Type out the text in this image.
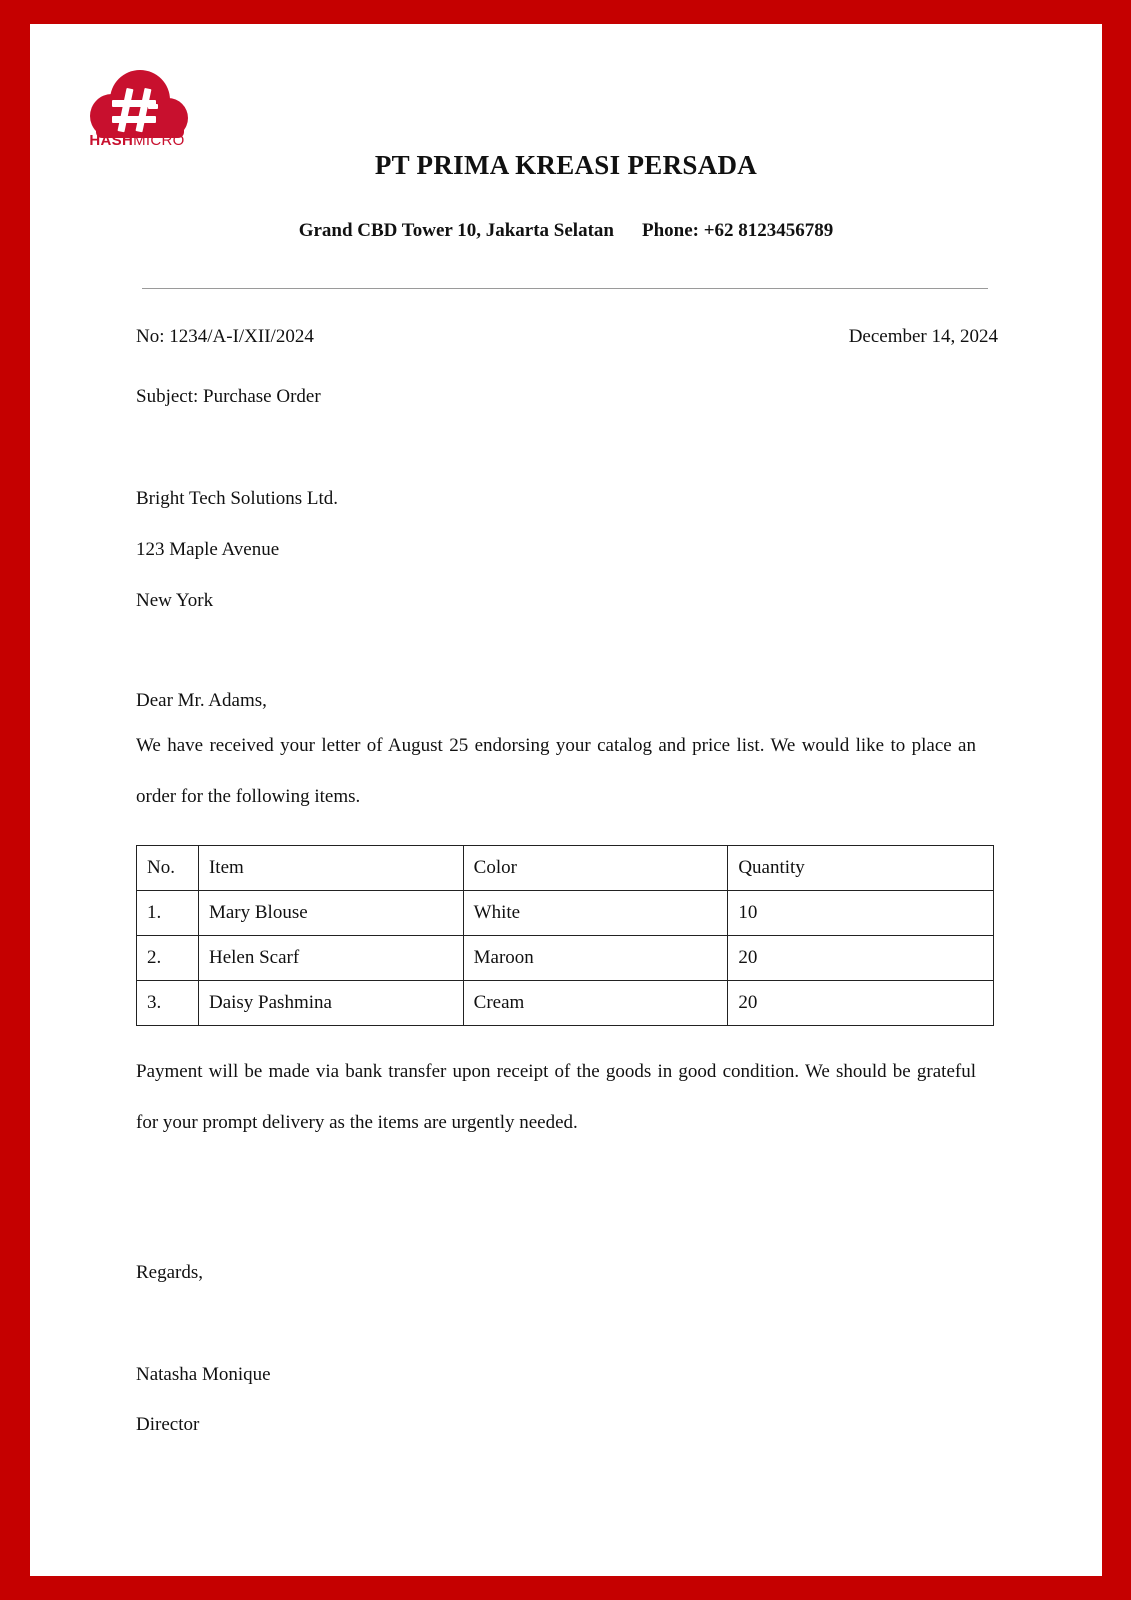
HASHMICRO
PT PRIMA KREASI PERSADA
Grand CBD Tower 10, Jakarta Selatan Phone: +62 8123456789
No: 1234/A-I/XII/2024	December 14, 2024
Subject: Purchase Order
Bright Tech Solutions Ltd.
123 Maple Avenue
New York
Dear Mr. Adams,
We have received your letter of August 25 endorsing your catalog and price list. We would like to place an order for the following items.
No.	Item	Color	Quantity
1.	Mary Blouse	White	10
2.	Helen Scarf	Maroon	20
3.	Daisy Pashmina	Cream	20
Payment will be made via bank transfer upon receipt of the goods in good condition. We should be grateful for your prompt delivery as the items are urgently needed.
Regards,
Natasha Monique
Director
